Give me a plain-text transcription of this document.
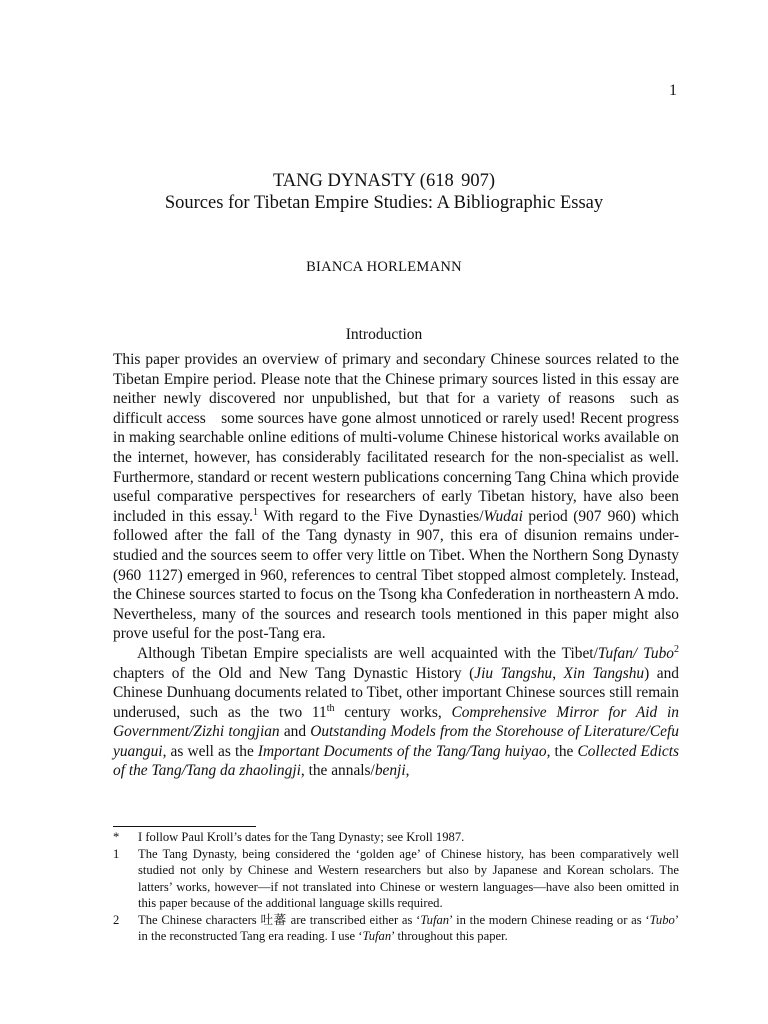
1
TANG DYNASTY (618  907)
Sources for Tibetan Empire Studies: A Bibliographic Essay
BIANCA HORLEMANN
Introduction

This paper provides an overview of primary and secondary Chinese sources related to the Tibetan Empire period. Please note that the Chinese primary sources listed in this essay are neither newly discovered nor unpublished, but that for a variety of reasons such as difficult access some sources have gone almost unnoticed or rarely used! Recent progress in making searchable online editions of multi-volume Chinese historical works available on the internet, however, has considerably facilitated research for the non-specialist as well. Furthermore, standard or recent western publications concerning Tang China which provide useful comparative perspectives for researchers of early Tibetan history, have also been included in this essay.$^1$ With regard to the Five Dynasties/Wudai period (907  960) which followed after the fall of the Tang dynasty in 907, this era of disunion remains under-studied and the sources seem to offer very little on Tibet. When the Northern Song Dynasty (960  1127) emerged in 960, references to central Tibet stopped almost completely. Instead, the Chinese sources started to focus on the Tsong kha Confederation in northeastern A mdo. Nevertheless, many of the sources and research tools mentioned in this paper might also prove useful for the post-Tang era.

Although Tibetan Empire specialists are well acquainted with the Tibet/Tufan/ Tubo$^2$ chapters of the Old and New Tang Dynastic History (Jiu Tangshu, Xin Tangshu) and Chinese Dunhuang documents related to Tibet, other important Chinese sources still remain underused, such as the two 11th century works, Comprehensive Mirror for Aid in Government/Zizhi tongjian and Outstanding Models from the Storehouse of Literature/Cefu yuangui, as well as the Important Documents of the Tang/Tang huiyao, the Collected Edicts of the Tang/Tang da zhaolingji, the annals/benji,

* I follow Paul Kroll’s dates for the Tang Dynasty; see Kroll 1987.
1 The Tang Dynasty, being considered the ‘golden age’ of Chinese history, has been comparatively well studied not only by Chinese and Western researchers but also by Japanese and Korean scholars. The latters’ works, however—if not translated into Chinese or western languages—have also been omitted in this paper because of the additional language skills required.
2 The Chinese characters 吐蕃 are transcribed either as ‘Tufan’ in the modern Chinese reading or as ‘Tubo’ in the reconstructed Tang era reading. I use ‘Tufan’ throughout this paper.
